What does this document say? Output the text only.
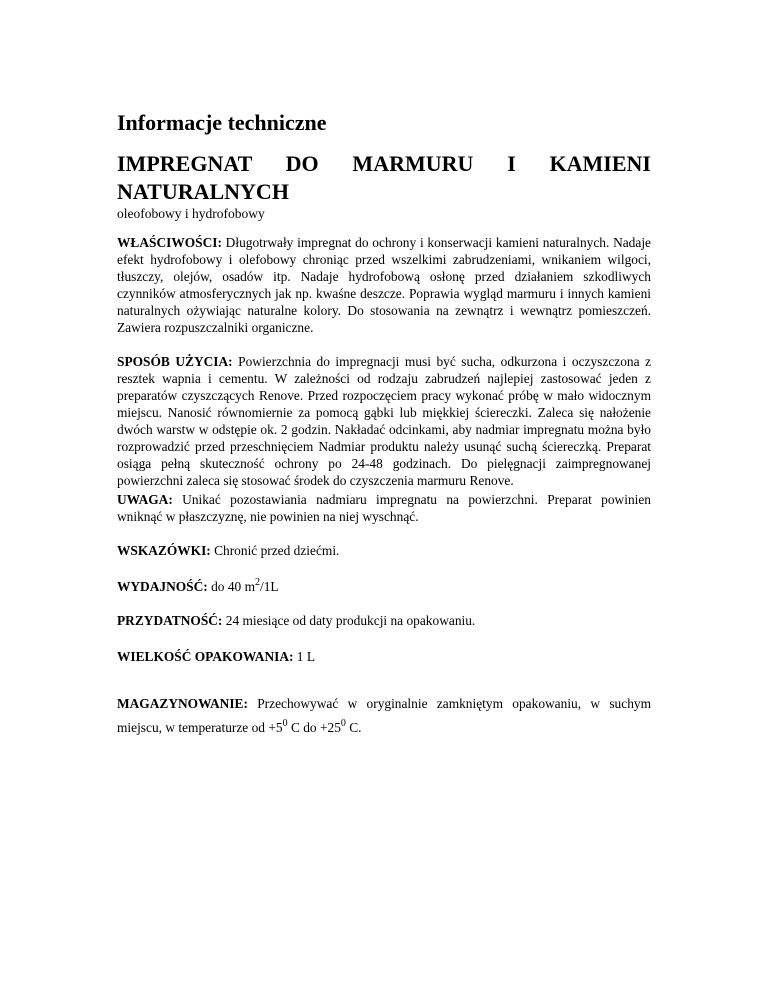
Informacje techniczne
IMPREGNAT DO MARMURU I KAMIENI NATURALNYCH

oleofobowy i hydrofobowy

WŁAŚCIWOŚCI: Długotrwały impregnat do ochrony i konserwacji kamieni naturalnych. Nadaje efekt hydrofobowy i olefobowy chroniąc przed wszelkimi zabrudzeniami, wnikaniem wilgoci, tłuszczy, olejów, osadów itp. Nadaje hydrofobową osłonę przed działaniem szkodliwych czynników atmosferycznych jak np. kwaśne deszcze. Poprawia wygląd marmuru i innych kamieni naturalnych ożywiając naturalne kolory. Do stosowania na zewnątrz i wewnątrz pomieszczeń. Zawiera rozpuszczalniki organiczne.

SPOSÓB UŻYCIA: Powierzchnia do impregnacji musi być sucha, odkurzona i oczyszczona z resztek wapnia i cementu. W zależności od rodzaju zabrudzeń najlepiej zastosować jeden z preparatów czyszczących Renove. Przed rozpoczęciem pracy wykonać próbę w mało widocznym miejscu. Nanosić równomiernie za pomocą gąbki lub miękkiej ściereczki. Zaleca się nałożenie dwóch warstw w odstępie ok. 2 godzin. Nakładać odcinkami, aby nadmiar impregnatu można było rozprowadzić przed przeschnięciem Nadmiar produktu należy usunąć suchą ściereczką. Preparat osiąga pełną skuteczność ochrony po 24-48 godzinach. Do pielęgnacji zaimpregnowanej powierzchni zaleca się stosować środek do czyszczenia marmuru Renove.

UWAGA: Unikać pozostawiania nadmiaru impregnatu na powierzchni. Preparat powinien wniknąć w płaszczyznę, nie powinien na niej wyschnąć.

WSKAZÓWKI: Chronić przed dziećmi.

WYDAJNOŚĆ: do 40 $m^2/1L$

PRZYDATNOŚĆ: 24 miesiące od daty produkcji na opakowaniu.

WIELKOŚĆ OPAKOWANIA: 1 L

MAGAZYNOWANIE: Przechowywać w oryginalnie zamkniętym opakowaniu, w suchym miejscu, w temperaturze od $+5^0$ C do $+25^0$ C.
